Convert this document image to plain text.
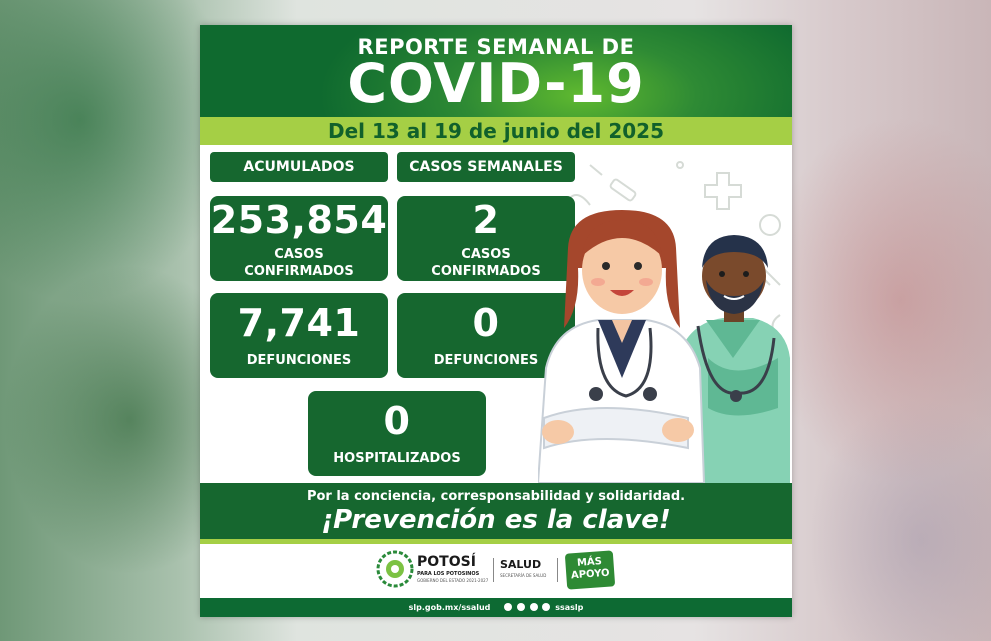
REPORTE SEMANAL DE
COVID-19
Del 13 al 19 de junio del 2025
ACUMULADOS	CASOS SEMANALES
253,854
CASOS
CONFIRMADOS
2
CASOS
CONFIRMADOS
7,741
DEFUNCIONES
0
DEFUNCIONES
0
HOSPITALIZADOS
Por la conciencia, corresponsabilidad y solidaridad.
¡Prevención es la clave!
POTOSÍ
PARA LOS POTOSINOS
GOBIERNO DEL ESTADO 2021-2027
SALUD
SECRETARÍA DE SALUD
MÁS APOYO
slp.gob.mx/ssalud	ssaslp
